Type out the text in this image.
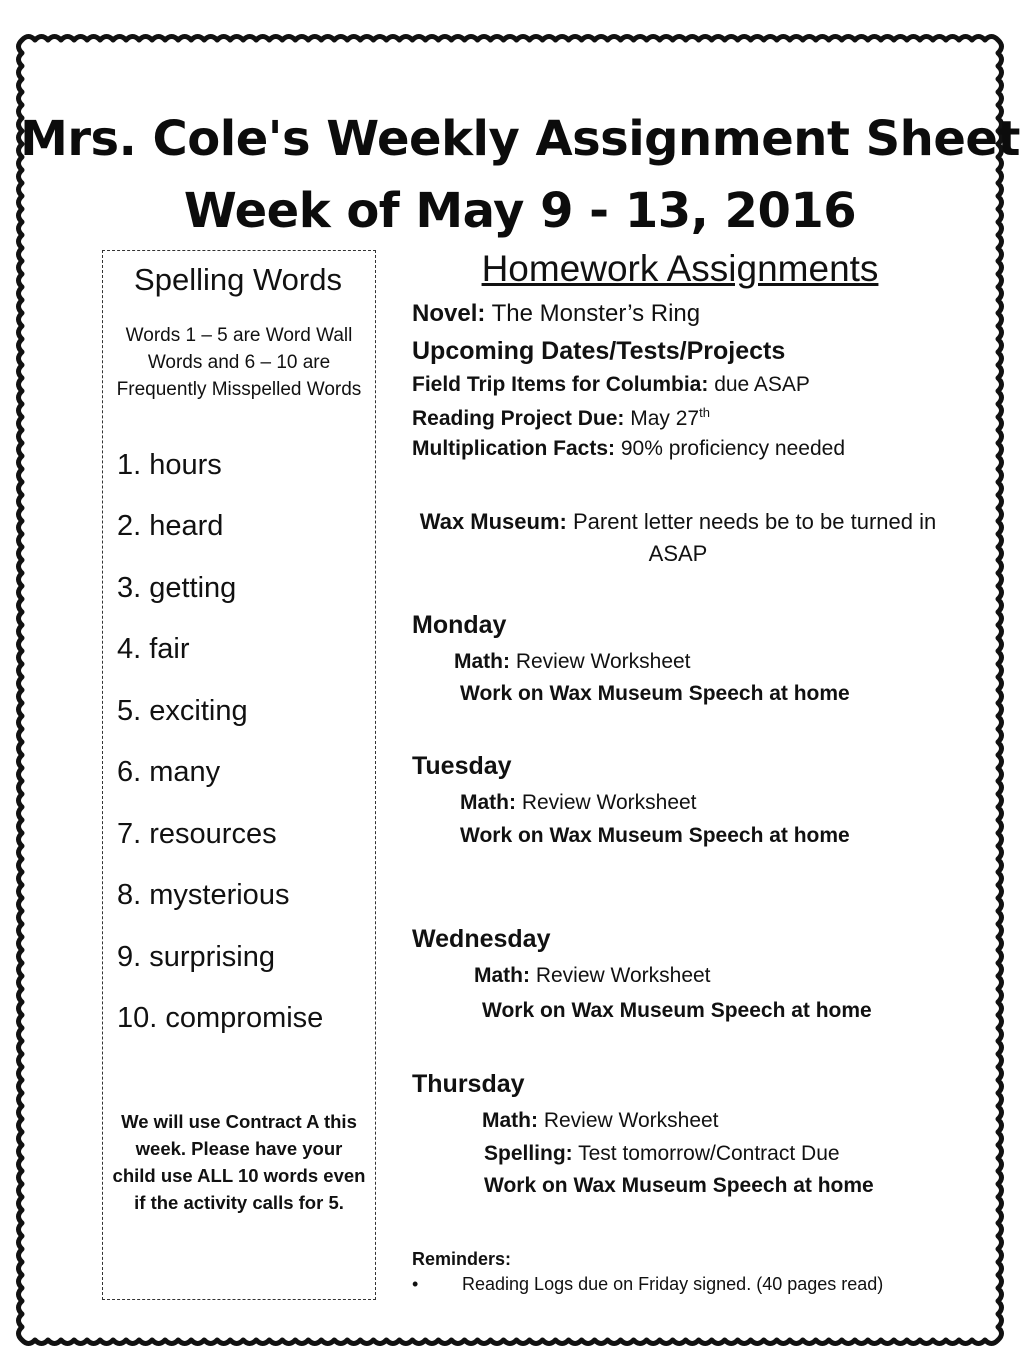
Mrs. Cole's Weekly Assignment Sheet
Week of May 9 - 13, 2016
Spelling Words
Words 1 – 5 are Word Wall Words and 6 – 10 are Frequently Misspelled Words
1. hours
2. heard
3. getting
4. fair
5. exciting
6. many
7. resources
8. mysterious
9. surprising
10. compromise
We will use Contract A this week. Please have your child use ALL 10 words even if the activity calls for 5.
Homework Assignments
Novel: The Monster’s Ring
Upcoming Dates/Tests/Projects
Field Trip Items for Columbia: due ASAP
Reading Project Due: May 27th
Multiplication Facts: 90% proficiency needed
Wax Museum: Parent letter needs be to be turned in ASAP
Monday
Math: Review Worksheet
Work on Wax Museum Speech at home
Tuesday
Math: Review Worksheet
Work on Wax Museum Speech at home
Wednesday
Math: Review Worksheet
Work on Wax Museum Speech at home
Thursday
Math: Review Worksheet
Spelling: Test tomorrow/Contract Due
Work on Wax Museum Speech at home
Reminders:
• Reading Logs due on Friday signed. (40 pages read)
